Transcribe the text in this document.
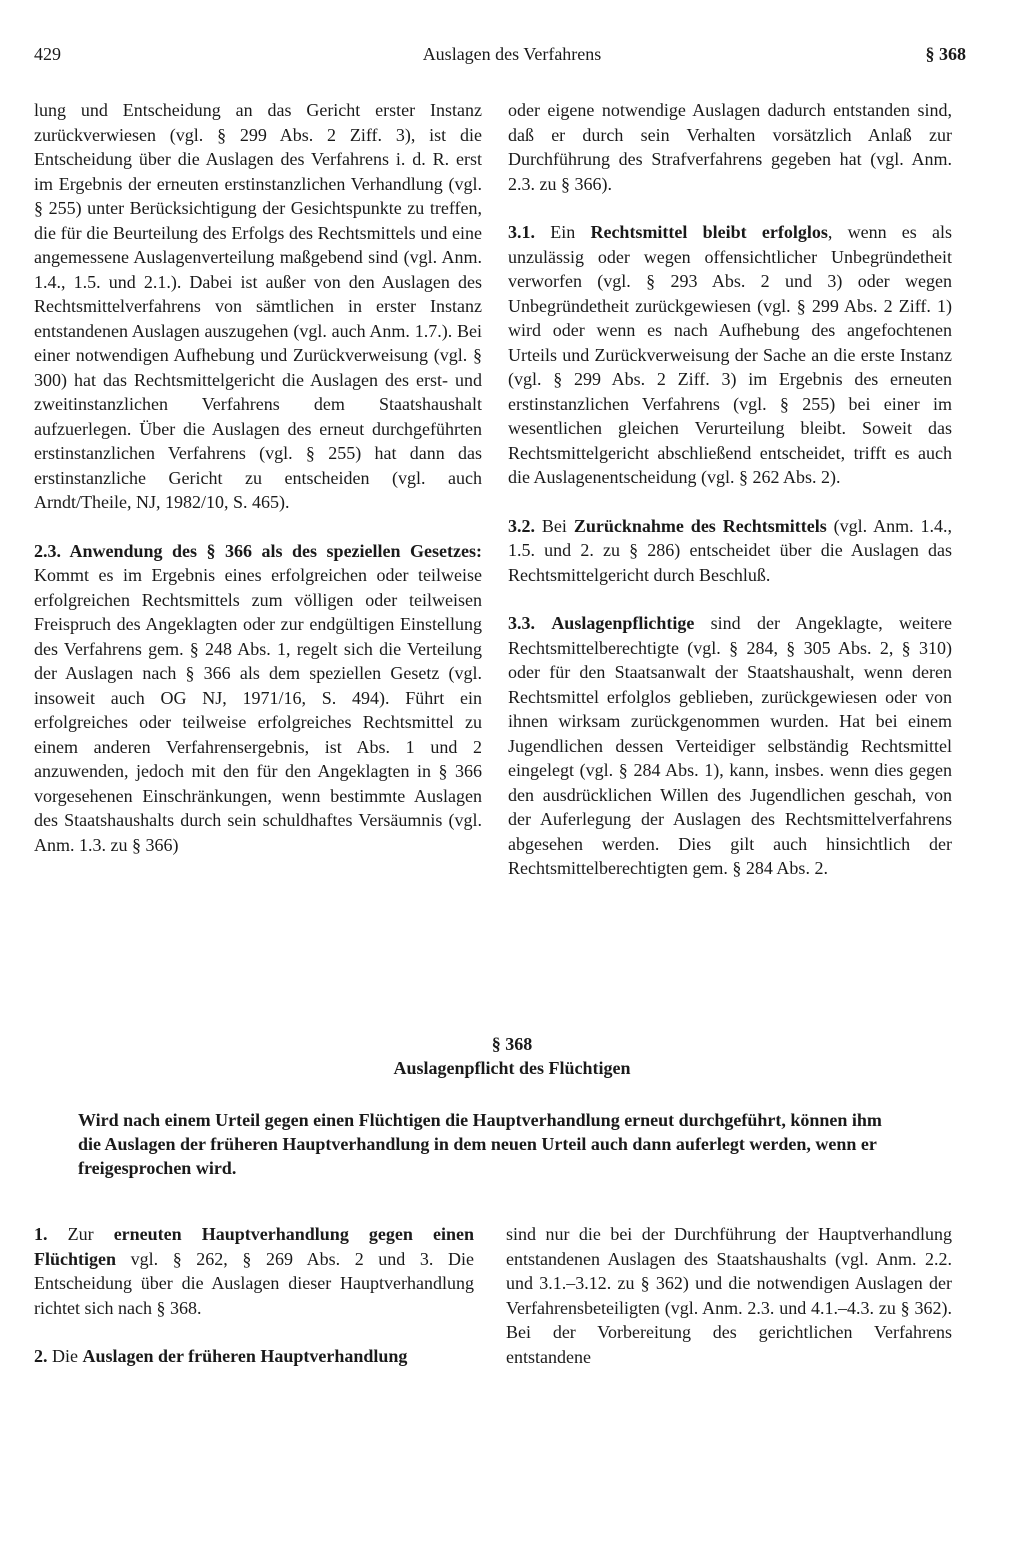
429	Auslagen des Verfahrens	§ 368

lung und Entscheidung an das Gericht erster Instanz zurückverwiesen (vgl. § 299 Abs. 2 Ziff. 3), ist die Entscheidung über die Auslagen des Verfahrens i. d. R. erst im Ergebnis der erneuten erstinstanzlichen Verhandlung (vgl. § 255) unter Berücksichtigung der Gesichtspunkte zu treffen, die für die Beurteilung des Erfolgs des Rechtsmittels und eine angemessene Auslagenverteilung maßgebend sind (vgl. Anm. 1.4., 1.5. und 2.1.). Dabei ist außer von den Auslagen des Rechtsmittelverfahrens von sämtlichen in erster Instanz entstandenen Auslagen auszugehen (vgl. auch Anm. 1.7.). Bei einer notwendigen Aufhebung und Zurückverweisung (vgl. § 300) hat das Rechtsmittelgericht die Auslagen des erst- und zweitinstanzlichen Verfahrens dem Staatshaushalt aufzuerlegen. Über die Auslagen des erneut durchgeführten erstinstanzlichen Verfahrens (vgl. § 255) hat dann das erstinstanzliche Gericht zu entscheiden (vgl. auch Arndt/Theile, NJ, 1982/10, S. 465).

2.3. Anwendung des § 366 als des speziellen Gesetzes: Kommt es im Ergebnis eines erfolgreichen oder teilweise erfolgreichen Rechtsmittels zum völligen oder teilweisen Freispruch des Angeklagten oder zur endgültigen Einstellung des Verfahrens gem. § 248 Abs. 1, regelt sich die Verteilung der Auslagen nach § 366 als dem speziellen Gesetz (vgl. insoweit auch OG NJ, 1971/16, S. 494). Führt ein erfolgreiches oder teilweise erfolgreiches Rechtsmittel zu einem anderen Verfahrensergebnis, ist Abs. 1 und 2 anzuwenden, jedoch mit den für den Angeklagten in § 366 vorgesehenen Einschränkungen, wenn bestimmte Auslagen des Staatshaushalts durch sein schuldhaftes Versäumnis (vgl. Anm. 1.3. zu § 366)

oder eigene notwendige Auslagen dadurch entstanden sind, daß er durch sein Verhalten vorsätzlich Anlaß zur Durchführung des Strafverfahrens gegeben hat (vgl. Anm. 2.3. zu § 366).

3.1. Ein Rechtsmittel bleibt erfolglos, wenn es als unzulässig oder wegen offensichtlicher Unbegründetheit verworfen (vgl. § 293 Abs. 2 und 3) oder wegen Unbegründetheit zurückgewiesen (vgl. § 299 Abs. 2 Ziff. 1) wird oder wenn es nach Aufhebung des angefochtenen Urteils und Zurückverweisung der Sache an die erste Instanz (vgl. § 299 Abs. 2 Ziff. 3) im Ergebnis des erneuten erstinstanzlichen Verfahrens (vgl. § 255) bei einer im wesentlichen gleichen Verurteilung bleibt. Soweit das Rechtsmittelgericht abschließend entscheidet, trifft es auch die Auslagenentscheidung (vgl. § 262 Abs. 2).

3.2. Bei Zurücknahme des Rechtsmittels (vgl. Anm. 1.4., 1.5. und 2. zu § 286) entscheidet über die Auslagen das Rechtsmittelgericht durch Beschluß.

3.3. Auslagenpflichtige sind der Angeklagte, weitere Rechtsmittelberechtigte (vgl. § 284, § 305 Abs. 2, § 310) oder für den Staatsanwalt der Staatshaushalt, wenn deren Rechtsmittel erfolglos geblieben, zurückgewiesen oder von ihnen wirksam zurückgenommen wurden. Hat bei einem Jugendlichen dessen Verteidiger selbständig Rechtsmittel eingelegt (vgl. § 284 Abs. 1), kann, insbes. wenn dies gegen den ausdrücklichen Willen des Jugendlichen geschah, von der Auferlegung der Auslagen des Rechtsmittelverfahrens abgesehen werden. Dies gilt auch hinsichtlich der Rechtsmittelberechtigten gem. § 284 Abs. 2.

§ 368
Auslagenpflicht des Flüchtigen
Wird nach einem Urteil gegen einen Flüchtigen die Hauptverhandlung erneut durchgeführt, können ihm die Auslagen der früheren Hauptverhandlung in dem neuen Urteil auch dann auferlegt werden, wenn er freigesprochen wird.

1. Zur erneuten Hauptverhandlung gegen einen Flüchtigen vgl. § 262, § 269 Abs. 2 und 3. Die Entscheidung über die Auslagen dieser Hauptverhandlung richtet sich nach § 368.

2. Die Auslagen der früheren Hauptverhandlung

sind nur die bei der Durchführung der Hauptverhandlung entstandenen Auslagen des Staatshaushalts (vgl. Anm. 2.2. und 3.1.–3.12. zu § 362) und die notwendigen Auslagen der Verfahrensbeteiligten (vgl. Anm. 2.3. und 4.1.–4.3. zu § 362). Bei der Vorbereitung des gerichtlichen Verfahrens entstandene
